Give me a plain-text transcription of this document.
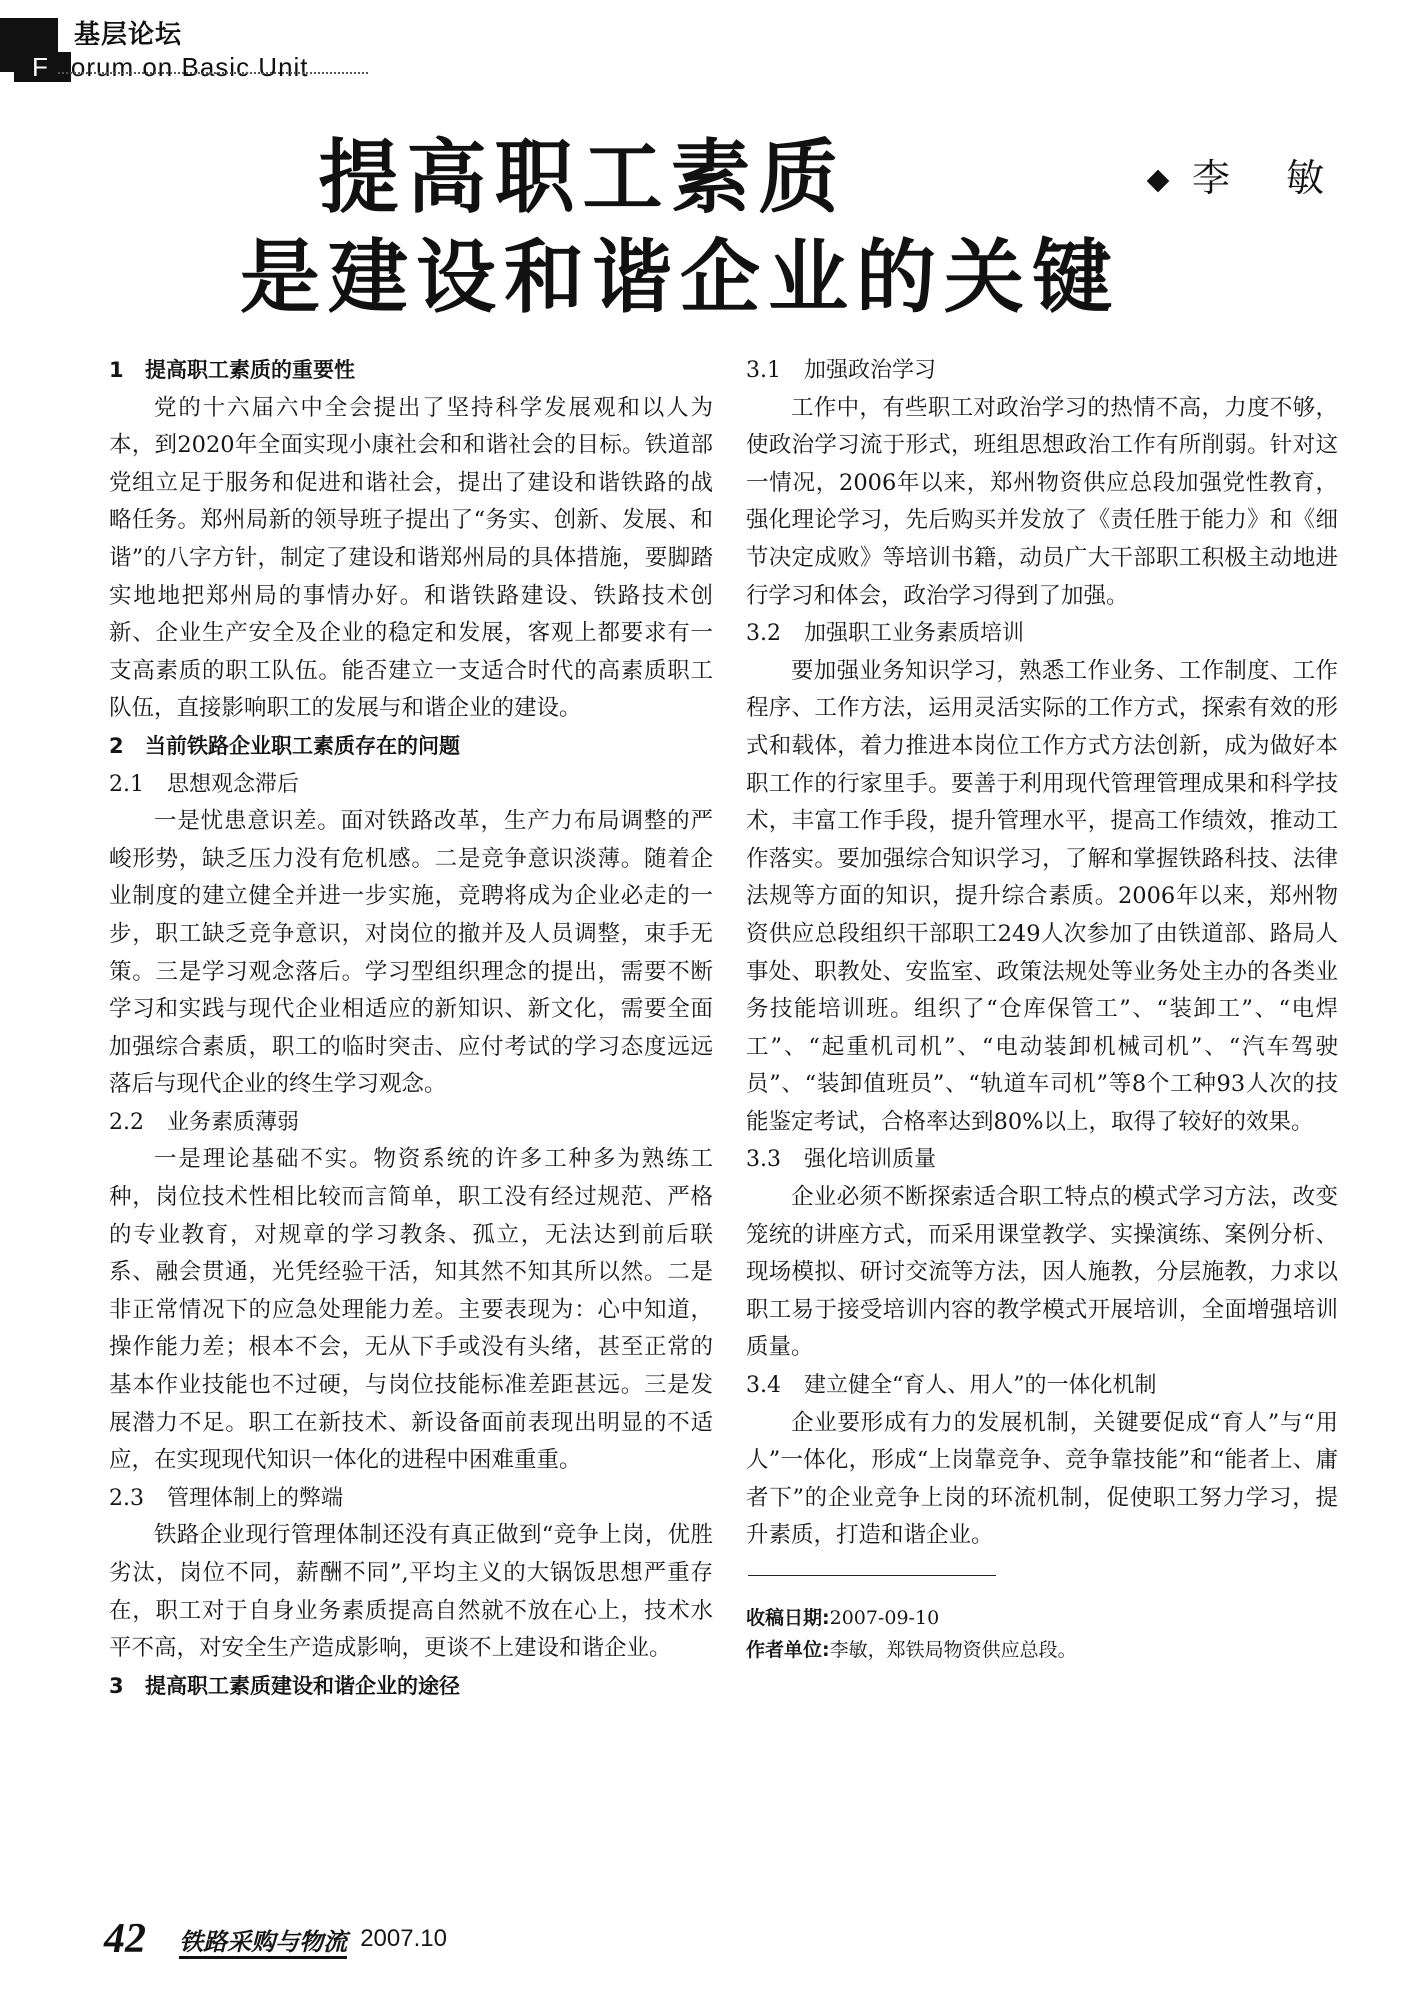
基层论坛
F orum on Basic Unit
提高职工素质
是建设和谐企业的关键
李 敏

1 提高职工素质的重要性

党的十六届六中全会提出了坚持科学发展观和以人为本，到2020年全面实现小康社会和和谐社会的目标。铁道部党组立足于服务和促进和谐社会，提出了建设和谐铁路的战略任务。郑州局新的领导班子提出了“务实、创新、发展、和谐”的八字方针，制定了建设和谐郑州局的具体措施，要脚踏实地地把郑州局的事情办好。和谐铁路建设、铁路技术创新、企业生产安全及企业的稳定和发展，客观上都要求有一支高素质的职工队伍。能否建立一支适合时代的高素质职工队伍，直接影响职工的发展与和谐企业的建设。

2 当前铁路企业职工素质存在的问题

2.1 思想观念滞后

一是忧患意识差。面对铁路改革，生产力布局调整的严峻形势，缺乏压力没有危机感。二是竞争意识淡薄。随着企业制度的建立健全并进一步实施，竞聘将成为企业必走的一步，职工缺乏竞争意识，对岗位的撤并及人员调整，束手无策。三是学习观念落后。学习型组织理念的提出，需要不断学习和实践与现代企业相适应的新知识、新文化，需要全面加强综合素质，职工的临时突击、应付考试的学习态度远远落后与现代企业的终生学习观念。

2.2 业务素质薄弱

一是理论基础不实。物资系统的许多工种多为熟练工种，岗位技术性相比较而言简单，职工没有经过规范、严格的专业教育，对规章的学习教条、孤立，无法达到前后联系、融会贯通，光凭经验干活，知其然不知其所以然。二是非正常情况下的应急处理能力差。主要表现为：心中知道，操作能力差；根本不会，无从下手或没有头绪，甚至正常的基本作业技能也不过硬，与岗位技能标准差距甚远。三是发展潜力不足。职工在新技术、新设备面前表现出明显的不适应，在实现现代知识一体化的进程中困难重重。

2.3 管理体制上的弊端

铁路企业现行管理体制还没有真正做到“竞争上岗，优胜劣汰，岗位不同，薪酬不同”,平均主义的大锅饭思想严重存在，职工对于自身业务素质提高自然就不放在心上，技术水平不高，对安全生产造成影响，更谈不上建设和谐企业。

3 提高职工素质建设和谐企业的途径

3.1 加强政治学习

工作中，有些职工对政治学习的热情不高，力度不够，使政治学习流于形式，班组思想政治工作有所削弱。针对这一情况，2006年以来，郑州物资供应总段加强党性教育，强化理论学习，先后购买并发放了《责任胜于能力》和《细节决定成败》等培训书籍，动员广大干部职工积极主动地进行学习和体会，政治学习得到了加强。

3.2 加强职工业务素质培训

要加强业务知识学习，熟悉工作业务、工作制度、工作程序、工作方法，运用灵活实际的工作方式，探索有效的形式和载体，着力推进本岗位工作方式方法创新，成为做好本职工作的行家里手。要善于利用现代管理管理成果和科学技术，丰富工作手段，提升管理水平，提高工作绩效，推动工作落实。要加强综合知识学习，了解和掌握铁路科技、法律法规等方面的知识，提升综合素质。2006年以来，郑州物资供应总段组织干部职工249人次参加了由铁道部、路局人事处、职教处、安监室、政策法规处等业务处主办的各类业务技能培训班。组织了“仓库保管工”、“装卸工”、“电焊工”、“起重机司机”、“电动装卸机械司机”、“汽车驾驶员”、“装卸值班员”、“轨道车司机”等8个工种93人次的技能鉴定考试，合格率达到80%以上，取得了较好的效果。

3.3 强化培训质量

企业必须不断探索适合职工特点的模式学习方法，改变笼统的讲座方式，而采用课堂教学、实操演练、案例分析、现场模拟、研讨交流等方法，因人施教，分层施教，力求以职工易于接受培训内容的教学模式开展培训，全面增强培训质量。

3.4 建立健全“育人、用人”的一体化机制

企业要形成有力的发展机制，关键要促成“育人”与“用人”一体化，形成“上岗靠竞争、竞争靠技能”和“能者上、庸者下”的企业竞争上岗的环流机制，促使职工努力学习，提升素质，打造和谐企业。

收稿日期:2007-09-10

作者单位:李敏，郑铁局物资供应总段。

42 铁路采购与物流 2007.10
